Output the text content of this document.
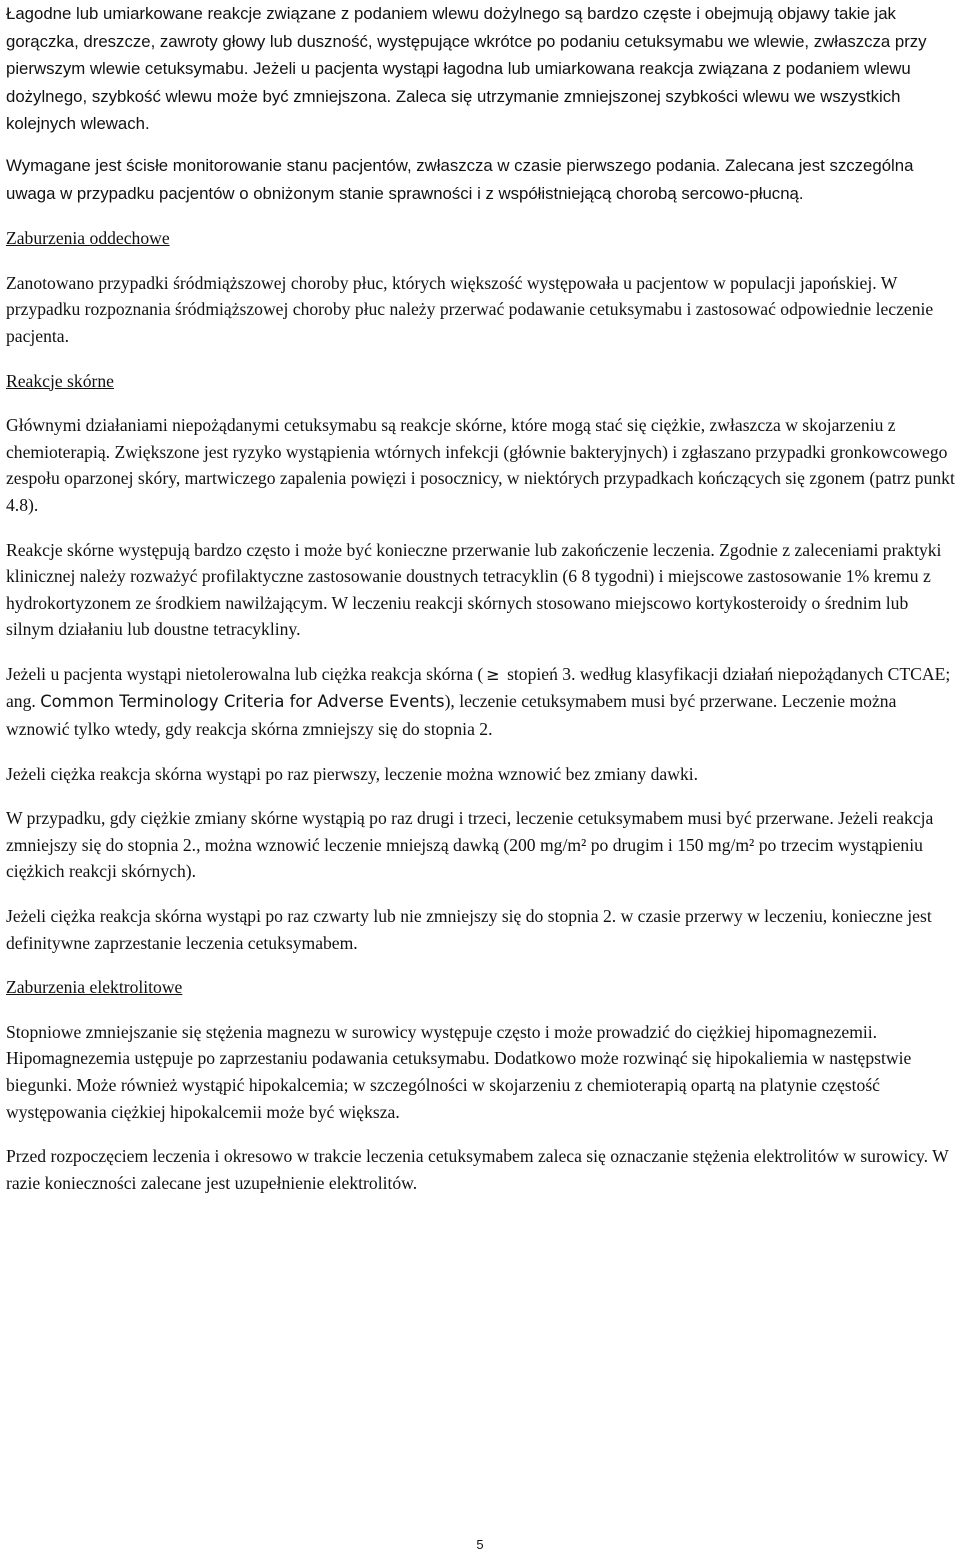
Łagodne lub umiarkowane reakcje związane z podaniem wlewu dożylnego są bardzo częste i obejmują objawy takie jak gorączka, dreszcze, zawroty głowy lub duszność, występujące wkrótce po podaniu cetuksymabu we wlewie, zwłaszcza przy pierwszym wlewie cetuksymabu. Jeżeli u pacjenta wystąpi łagodna lub umiarkowana reakcja związana z podaniem wlewu dożylnego, szybkość wlewu może być zmniejszona. Zaleca się utrzymanie zmniejszonej szybkości wlewu we wszystkich kolejnych wlewach.

Wymagane jest ścisłe monitorowanie stanu pacjentów, zwłaszcza w czasie pierwszego podania. Zalecana jest szczególna uwaga w przypadku pacjentów o obniżonym stanie sprawności i z współistniejącą chorobą sercowo-płucną.

Zaburzenia oddechowe

Zanotowano przypadki śródmiąższowej choroby płuc, których większość występowała u pacjentow w populacji japońskiej. W przypadku rozpoznania śródmiąższowej choroby płuc należy przerwać podawanie cetuksymabu i zastosować odpowiednie leczenie pacjenta.

Reakcje skórne

Głównymi działaniami niepożądanymi cetuksymabu są reakcje skórne, które mogą stać się ciężkie, zwłaszcza w skojarzeniu z chemioterapią. Zwiększone jest ryzyko wystąpienia wtórnych infekcji (głównie bakteryjnych) i zgłaszano przypadki gronkowcowego zespołu oparzonej skóry, martwiczego zapalenia powięzi i posocznicy, w niektórych przypadkach kończących się zgonem (patrz punkt 4.8).

Reakcje skórne występują bardzo często i może być konieczne przerwanie lub zakończenie leczenia. Zgodnie z zaleceniami praktyki klinicznej należy rozważyć profilaktyczne zastosowanie doustnych tetracyklin (6 8 tygodni) i miejscowe zastosowanie 1% kremu z hydrokortyzonem ze środkiem nawilżającym. W leczeniu reakcji skórnych stosowano miejscowo kortykosteroidy o średnim lub silnym działaniu lub doustne tetracykliny.

Jeżeli u pacjenta wystąpi nietolerowalna lub ciężka reakcja skórna ( ≥ stopień 3. według klasyfikacji działań niepożądanych CTCAE; ang. Common Terminology Criteria for Adverse Events), leczenie cetuksymabem musi być przerwane. Leczenie można wznowić tylko wtedy, gdy reakcja skórna zmniejszy się do stopnia 2.

Jeżeli ciężka reakcja skórna wystąpi po raz pierwszy, leczenie można wznowić bez zmiany dawki.

W przypadku, gdy ciężkie zmiany skórne wystąpią po raz drugi i trzeci, leczenie cetuksymabem musi być przerwane. Jeżeli reakcja zmniejszy się do stopnia 2., można wznowić leczenie mniejszą dawką (200 mg/m² po drugim i 150 mg/m² po trzecim wystąpieniu ciężkich reakcji skórnych).

Jeżeli ciężka reakcja skórna wystąpi po raz czwarty lub nie zmniejszy się do stopnia 2. w czasie przerwy w leczeniu, konieczne jest definitywne zaprzestanie leczenia cetuksymabem.

Zaburzenia elektrolitowe

Stopniowe zmniejszanie się stężenia magnezu w surowicy występuje często i może prowadzić do ciężkiej hipomagnezemii. Hipomagnezemia ustępuje po zaprzestaniu podawania cetuksymabu. Dodatkowo może rozwinąć się hipokaliemia w następstwie biegunki. Może również wystąpić hipokalcemia; w szczególności w skojarzeniu z chemioterapią opartą na platynie częstość występowania ciężkiej hipokalcemii może być większa.

Przed rozpoczęciem leczenia i okresowo w trakcie leczenia cetuksymabem zaleca się oznaczanie stężenia elektrolitów w surowicy. W razie konieczności zalecane jest uzupełnienie elektrolitów.

5
